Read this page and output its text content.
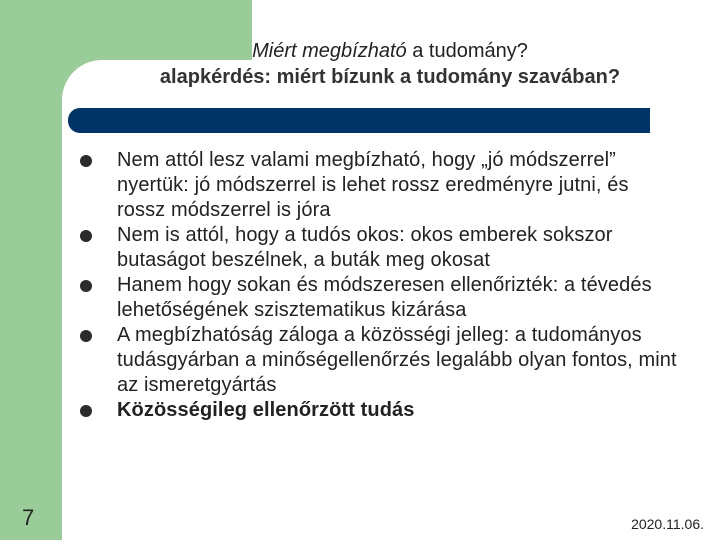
Miért megbízható a tudomány?
alapkérdés: miért bízunk a tudomány szavában?
Nem attól lesz valami megbízható, hogy „jó módszerrel” nyertük: jó módszerrel is lehet rossz eredményre jutni, és rossz módszerrel is jóra
Nem is attól, hogy a tudós okos: okos emberek sokszor butaságot beszélnek, a buták meg okosat
Hanem hogy sokan és módszeresen ellenőrizték: a tévedés lehetőségének szisztematikus kizárása
A megbízhatóság záloga a közösségi jelleg: a tudományos tudásgyárban a minőségellenőrzés legalább olyan fontos, mint az ismeretgyártás
Közösségileg ellenőrzött tudás
7	2020.11.06.
